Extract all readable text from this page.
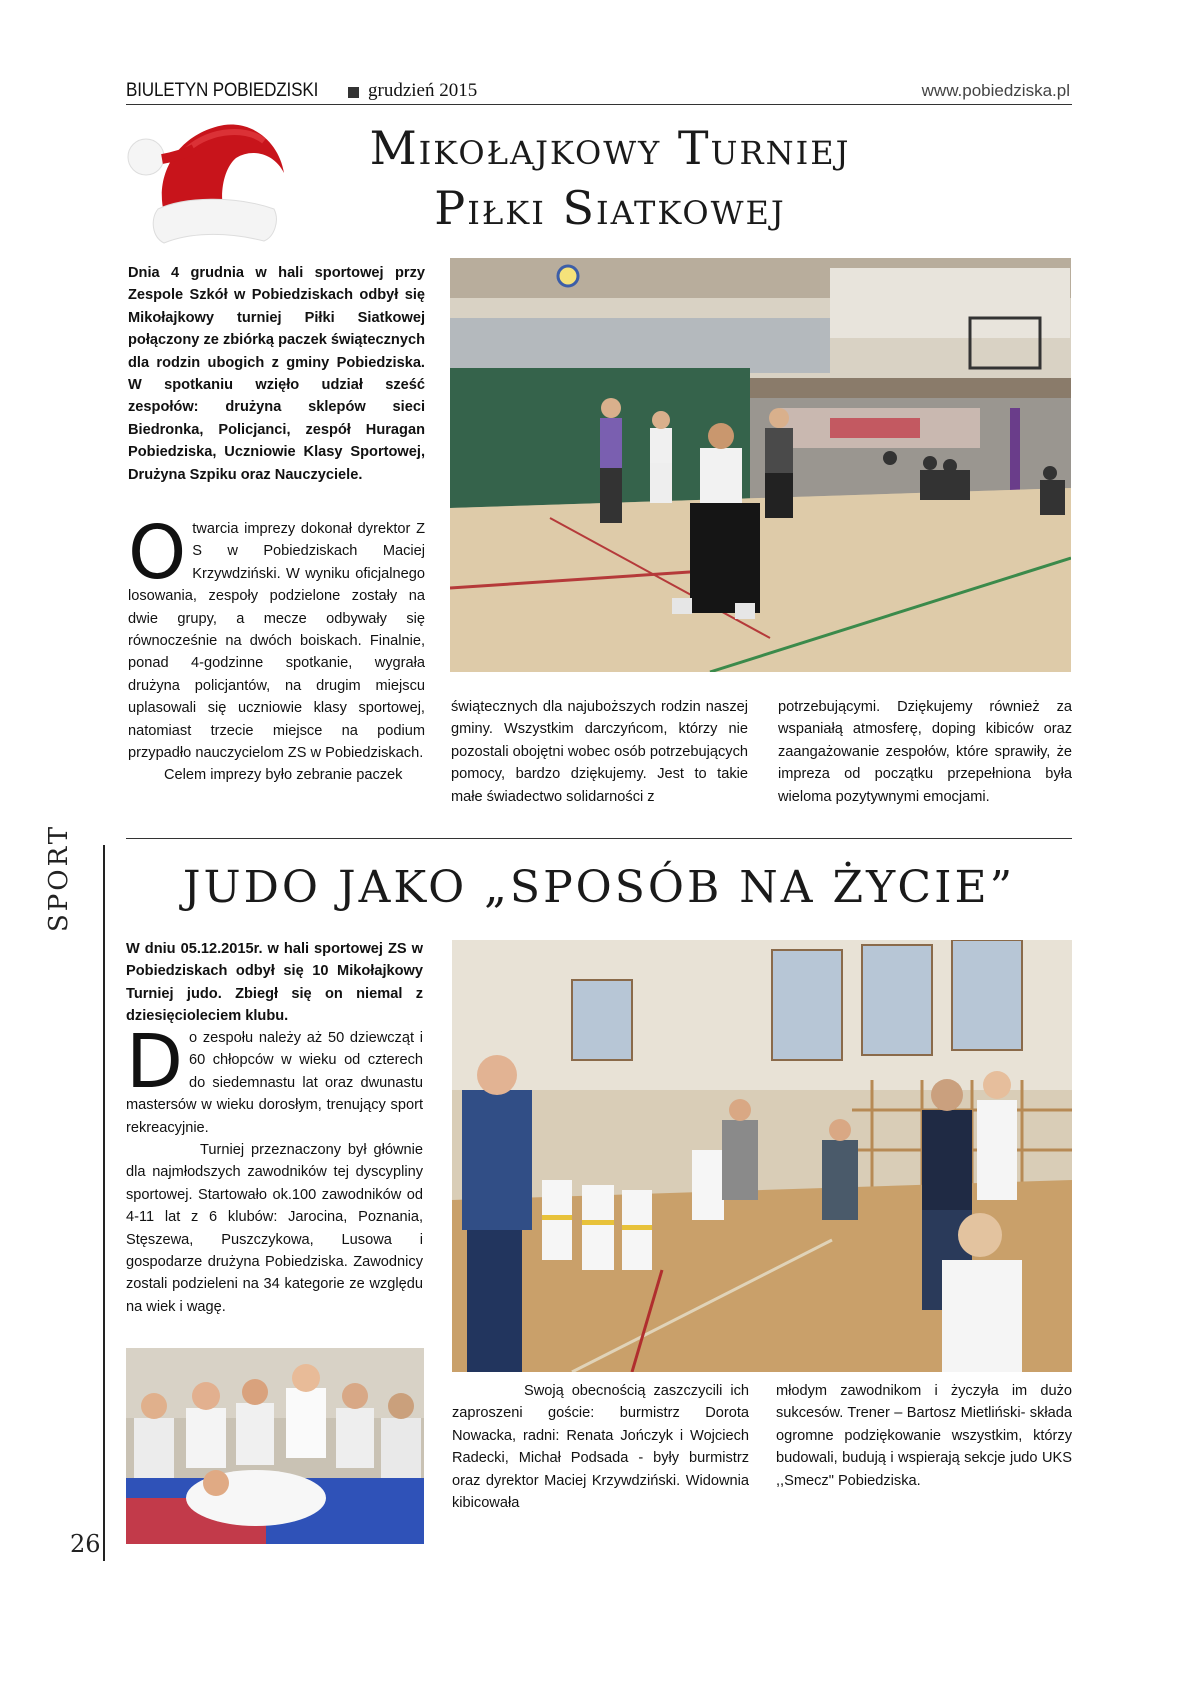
BIULETYN POBIEDZISKI	grudzień 2015	www.pobiedziska.pl
Mikołajkowy Turniej
Piłki Siatkowej
Dnia 4 grudnia w hali sportowej przy Zespole Szkół w Pobiedziskach odbył się Mikołajkowy turniej Piłki Siatkowej połączony ze zbiórką paczek świątecznych dla rodzin ubogich z gminy Pobiedziska. W spotkaniu wzięło udział sześć zespołów: drużyna sklepów sieci Biedronka, Policjanci, zespół Huragan Pobiedziska, Uczniowie Klasy Sportowej, Drużyna Szpiku oraz Nauczyciele.
O twarcia imprezy dokonał dyrektor Z S w Pobiedziskach Maciej Krzywdziński. W wyniku oficjalnego losowania, zespoły podzielone zostały na dwie grupy, a mecze odbywały się równocześnie na dwóch boiskach. Finalnie, ponad 4-godzinne spotkanie, wygrała drużyna policjantów, na drugim miejscu uplasowali się uczniowie klasy sportowej, natomiast trzecie miejsce na podium przypadło nauczycielom ZS w Pobiedziskach.
Celem imprezy było zebranie paczek
świątecznych dla najuboższych rodzin naszej gminy. Wszystkim darczyńcom, którzy nie pozostali obojętni wobec osób potrzebujących pomocy, bardzo dziękujemy. Jest to takie małe świadectwo solidarności z
potrzebującymi. Dziękujemy również za wspaniałą atmosferę, doping kibiców oraz zaangażowanie zespołów, które sprawiły, że impreza od początku przepełniona była wieloma pozytywnymi emocjami.
SPORT
26
JUDO JAKO „SPOSÓB NA ŻYCIE”
W dniu 05.12.2015r. w hali sportowej ZS w Pobiedziskach odbył się 10 Mikołajkowy Turniej judo. Zbiegł się on niemal z dziesięcioleciem klubu.
D o zespołu należy aż 50 dziewcząt i 60 chłopców w wieku od czterech do siedemnastu lat oraz dwunastu mastersów w wieku dorosłym, trenujący sport rekreacyjnie.
Turniej przeznaczony był głównie dla najmłodszych zawodników tej dyscypliny sportowej. Startowało ok.100 zawodników od 4-11 lat z 6 klubów: Jarocina, Poznania, Stęszewa, Puszczykowa, Lusowa i gospodarze drużyna Pobiedziska. Zawodnicy zostali podzieleni na 34 kategorie ze względu na wiek i wagę.
Swoją obecnością zaszczycili ich zaproszeni goście: burmistrz Dorota Nowacka, radni: Renata Jończyk i Wojciech Radecki, Michał Podsada - były burmistrz oraz dyrektor Maciej Krzywdziński. Widownia kibicowała
młodym zawodnikom i życzyła im dużo sukcesów. Trener – Bartosz Mietliński- składa ogromne podziękowanie wszystkim, którzy budowali, budują i wspierają sekcje judo UKS ,,Smecz" Pobiedziska.
